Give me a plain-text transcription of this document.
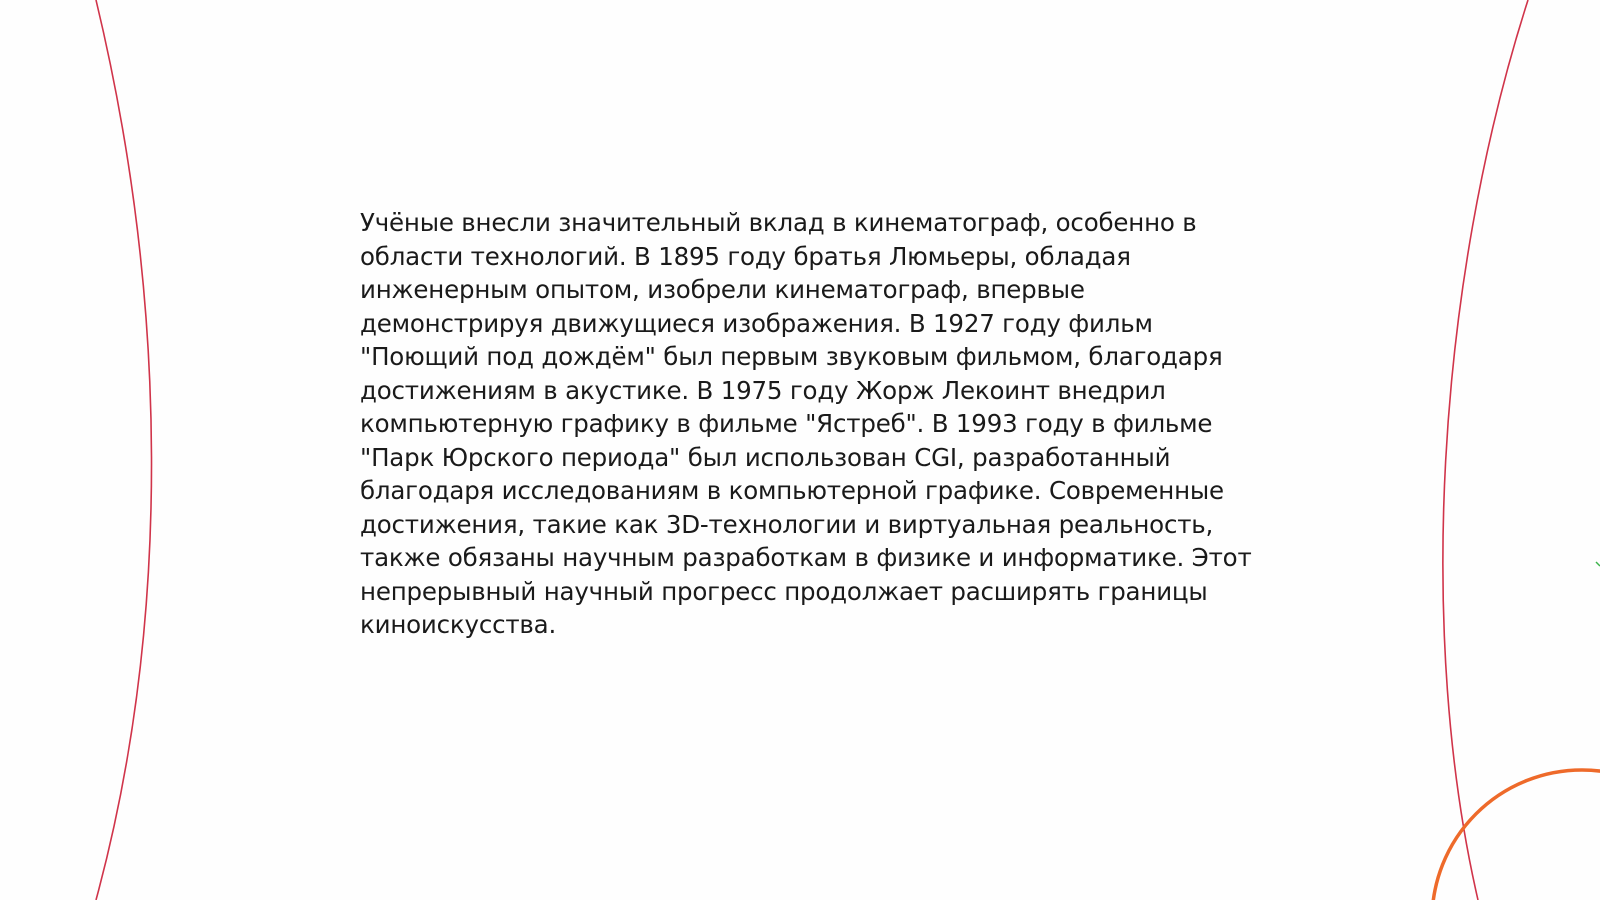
Учёные внесли значительный вклад в кинематограф, особенно в области технологий. В 1895 году братья Люмьеры, обладая инженерным опытом, изобрели кинематограф, впервые демонстрируя движущиеся изображения. В 1927 году фильм "Поющий под дождём" был первым звуковым фильмом, благодаря достижениям в акустике. В 1975 году Жорж Лекоинт внедрил компьютерную графику в фильме "Ястреб". В 1993 году в фильме "Парк Юрского периода" был использован CGI, разработанный благодаря исследованиям в компьютерной графике. Современные достижения, такие как 3D-технологии и виртуальная реальность, также обязаны научным разработкам в физике и информатике. Этот непрерывный научный прогресс продолжает расширять границы киноискусства.
